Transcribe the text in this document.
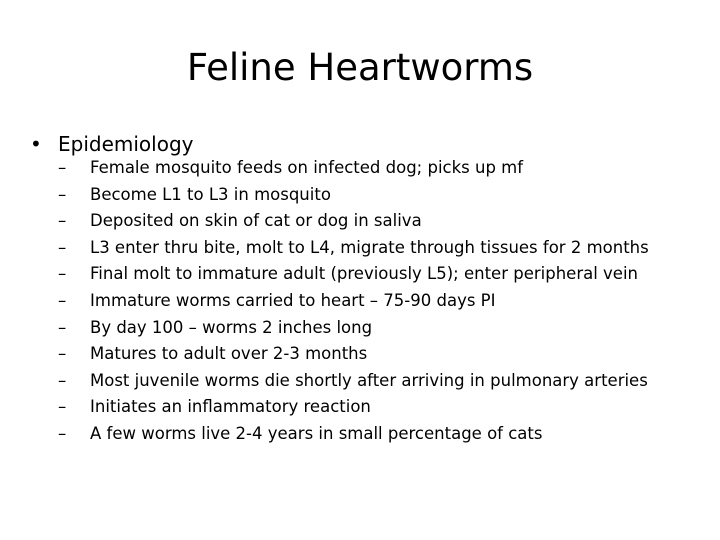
Feline Heartworms
• Epidemiology
–	Female mosquito feeds on infected dog; picks up mf
–	Become L1 to L3 in mosquito
–	Deposited on skin of cat or dog in saliva
–	L3 enter thru bite, molt to L4, migrate through tissues for 2 months
–	Final molt to immature adult (previously L5); enter peripheral vein
–	Immature worms carried to heart – 75-90 days PI
–	By day 100 – worms 2 inches long
–	Matures to adult over 2-3 months
–	Most juvenile worms die shortly after arriving in pulmonary arteries
–	Initiates an inflammatory reaction
–	A few worms live 2-4 years in small percentage of cats
